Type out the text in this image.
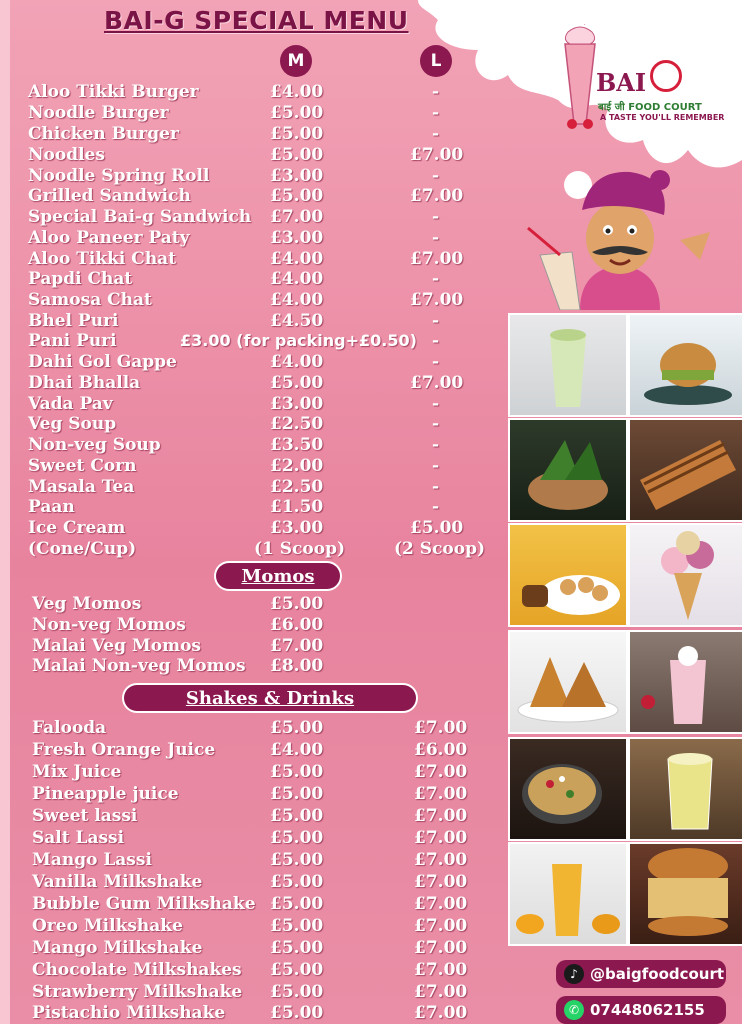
BAI
बाई जी FOOD COURT
A TASTE YOU'LL REMEMBER
BAI-G SPECIAL MENU
M	L
Aloo Tikki Burger	£4.00	-
Noodle Burger	£5.00	-
Chicken Burger	£5.00	-
Noodles	£5.00	£7.00
Noodle Spring Roll	£3.00	-
Grilled Sandwich	£5.00	£7.00
Special Bai-g Sandwich £7.00	-
Aloo Paneer Paty	£3.00	-
Aloo Tikki Chat	£4.00	£7.00
Papdi Chat	£4.00	-
Samosa Chat	£4.00	£7.00
Bhel Puri	£4.50	-
Pani Puri	£3.00 (for packing+£0.50) -
Dahi Gol Gappe	£4.00	-
Dhai Bhalla	£5.00	£7.00
Vada Pav	£3.00	-
Veg Soup	£2.50	-
Non-veg Soup	£3.50	-
Sweet Corn	£2.00	-
Masala Tea	£2.50	-
Paan	£1.50	-
Ice Cream	£3.00	£5.00
(Cone/Cup)	(1 Scoop)	(2 Scoop)
Momos
Veg Momos	£5.00
Non-veg Momos	£6.00
Malai Veg Momos	£7.00
Malai Non-veg Momos £8.00
Shakes & Drinks
Falooda	£5.00	£7.00
Fresh Orange Juice	£4.00	£6.00
Mix Juice	£5.00	£7.00
Pineapple juice	£5.00	£7.00
Sweet lassi	£5.00	£7.00
Salt Lassi	£5.00	£7.00
Mango Lassi	£5.00	£7.00
Vanilla Milkshake	£5.00	£7.00
Bubble Gum Milkshake £5.00	£7.00
Oreo Milkshake	£5.00	£7.00
Mango Milkshake	£5.00	£7.00
Chocolate Milkshakes £5.00	£7.00
Strawberry Milkshake £5.00	£7.00
Pistachio Milkshake	£5.00	£7.00
♪ @baigfoodcourt
✆ 07448062155
